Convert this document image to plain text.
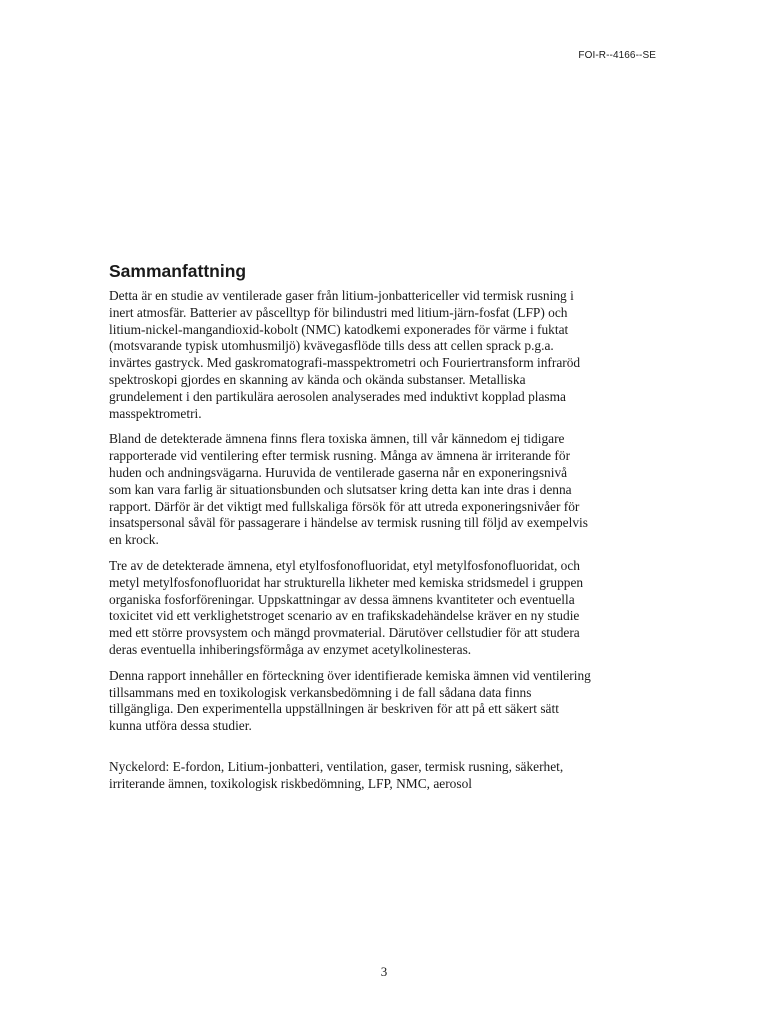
FOI-R--4166--SE
Sammanfattning

Detta är en studie av ventilerade gaser från litium-jonbattericeller vid termisk rusning i inert atmosfär. Batterier av påscelltyp för bilindustri med litium-järn-fosfat (LFP) och litium-nickel-mangandioxid-kobolt (NMC) katodkemi exponerades för värme i fuktat (motsvarande typisk utomhusmiljö) kvävegasflöde tills dess att cellen sprack p.g.a. invärtes gastryck. Med gaskromatografi-masspektrometri och Fouriertransform infraröd spektroskopi gjordes en skanning av kända och okända substanser. Metalliska grundelement i den partikulära aerosolen analyserades med induktivt kopplad plasma masspektrometri.

Bland de detekterade ämnena finns flera toxiska ämnen, till vår kännedom ej tidigare rapporterade vid ventilering efter termisk rusning. Många av ämnena är irriterande för huden och andningsvägarna. Huruvida de ventilerade gaserna når en exponeringsnivå som kan vara farlig är situationsbunden och slutsatser kring detta kan inte dras i denna rapport. Därför är det viktigt med fullskaliga försök för att utreda exponeringsnivåer för insatspersonal såväl för passagerare i händelse av termisk rusning till följd av exempelvis en krock.

Tre av de detekterade ämnena, etyl etylfosfonofluoridat, etyl metylfosfonofluoridat, och metyl metylfosfonofluoridat har strukturella likheter med kemiska stridsmedel i gruppen organiska fosforföreningar. Uppskattningar av dessa ämnens kvantiteter och eventuella toxicitet vid ett verklighetstroget scenario av en trafikskadehändelse kräver en ny studie med ett större provsystem och mängd provmaterial. Därutöver cellstudier för att studera deras eventuella inhiberingsförmåga av enzymet acetylkolinesteras.

Denna rapport innehåller en förteckning över identifierade kemiska ämnen vid ventilering tillsammans med en toxikologisk verkansbedömning i de fall sådana data finns tillgängliga. Den experimentella uppställningen är beskriven för att på ett säkert sätt kunna utföra dessa studier.

Nyckelord: E-fordon, Litium-jonbatteri, ventilation, gaser, termisk rusning, säkerhet, irriterande ämnen, toxikologisk riskbedömning, LFP, NMC, aerosol

3
